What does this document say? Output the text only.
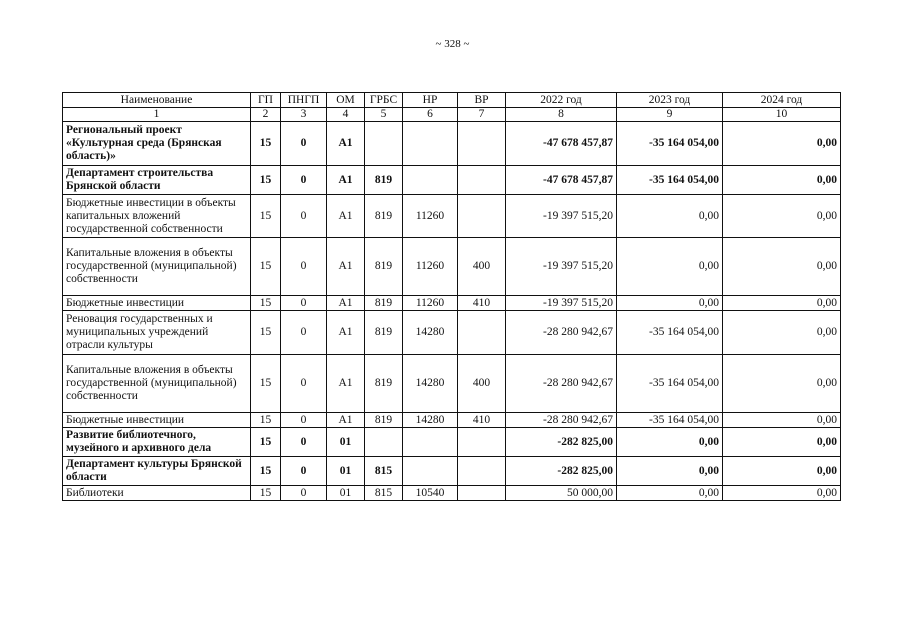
~ 328 ~
Наименование	ГП	ПНГП	ОМ	ГРБС	НР	ВР	2022 год	2023 год	2024 год
1	2	3	4	5	6	7	8	9	10
Региональный проект «Культурная среда (Брянская область)»	15	0	А1				-47 678 457,87	-35 164 054,00	0,00
Департамент строительства Брянской области	15	0	А1	819			-47 678 457,87	-35 164 054,00	0,00
Бюджетные инвестиции в объекты капитальных вложений государственной собственности	15	0	А1	819	11260		-19 397 515,20	0,00	0,00
Капитальные вложения в объекты государственной (муниципальной) собственности	15	0	А1	819	11260	400	-19 397 515,20	0,00	0,00
Бюджетные инвестиции	15	0	А1	819	11260	410	-19 397 515,20	0,00	0,00
Реновация государственных и муниципальных учреждений отрасли культуры	15	0	А1	819	14280		-28 280 942,67	-35 164 054,00	0,00
Капитальные вложения в объекты государственной (муниципальной) собственности	15	0	А1	819	14280	400	-28 280 942,67	-35 164 054,00	0,00
Бюджетные инвестиции	15	0	А1	819	14280	410	-28 280 942,67	-35 164 054,00	0,00
Развитие библиотечного, музейного и архивного дела	15	0	01				-282 825,00	0,00	0,00
Департамент культуры Брянской области	15	0	01	815			-282 825,00	0,00	0,00
Библиотеки	15	0	01	815	10540		50 000,00	0,00	0,00
